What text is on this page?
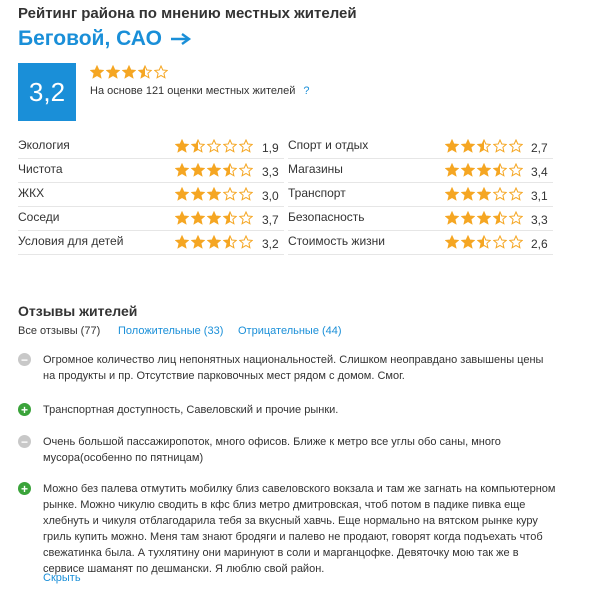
Рейтинг района по мнению местных жителей
Беговой, САО
3,2	На основе 121 оценки местных жителей ?
Экология	1,9
Чистота	3,3
ЖКХ	3,0
Соседи	3,7
Условия для детей	3,2
Спорт и отдых	2,7
Магазины	3,4
Транспорт	3,1
Безопасность	3,3
Стоимость жизни	2,6
Отзывы жителей
Все отзывы (77) Положительные (33) Отрицательные (44)
− Огромное количество лиц непонятных национальностей. Слишком неоправдано завышены цены на продукты и пр. Отсутствие парковочных мест рядом с домом. Смог.
+ Транспортная доступность, Савеловский и прочие рынки.
− Очень большой пассажиропоток, много офисов. Ближе к метро все углы обо саны, много мусора(особенно по пятницам)
+ Можно без палева отмутить мобилку близ савеловского вокзала и там же загнать на компьютерном рынке. Можно чикулю сводить в кфс близ метро дмитровская, чтоб потом в падике пивка еще хлебнуть и чикуля отблагодарила тебя за вкусный хавчь. Еще нормально на вятском рынке куру гриль купить можно. Меня там знают бродяги и палево не продают, говорят когда подъехать чтоб свежатинка была. А тухлятину они маринуют в соли и марганцофке. Девяточку мою так же в сервисе шаманят по дешмански. Я люблю свой район.
Скрыть
